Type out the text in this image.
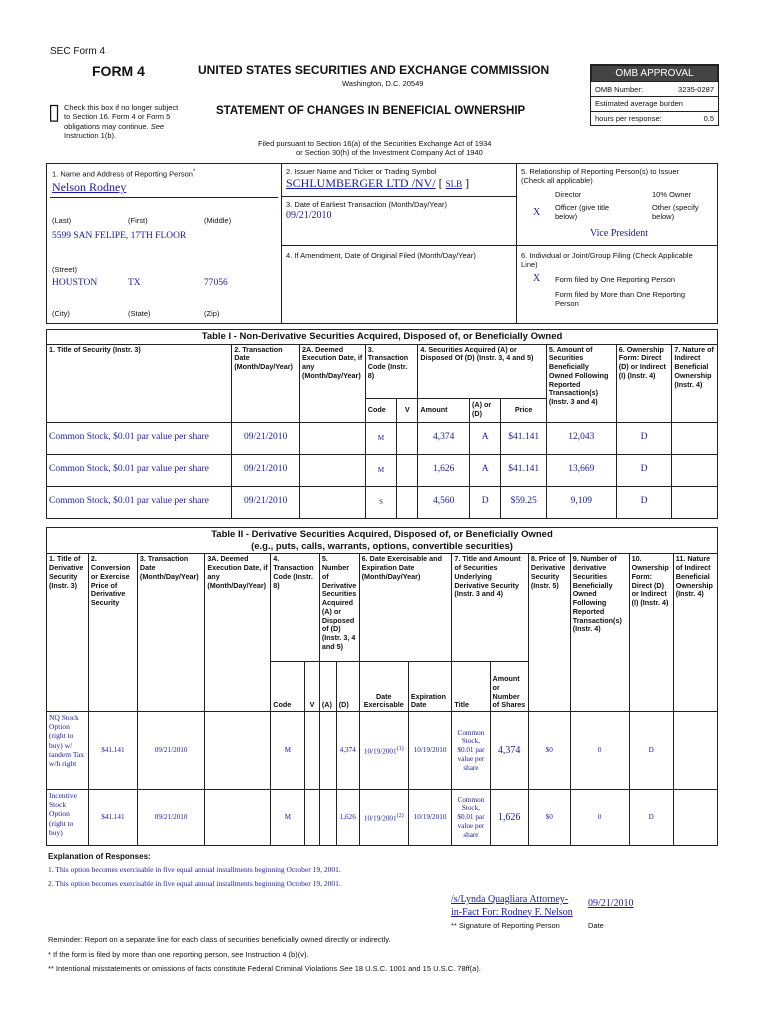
SEC Form 4
FORM 4	UNITED STATES SECURITIES AND EXCHANGE COMMISSION
Washington, D.C. 20549
▯ Check this box if no longer subject
to Section 16. Form 4 or Form 5
obligations may continue. See
Instruction 1(b).
STATEMENT OF CHANGES IN BENEFICIAL OWNERSHIP
Filed pursuant to Section 16(a) of the Securities Exchange Act of 1934
or Section 30(h) of the Investment Company Act of 1940
OMB APPROVAL
OMB Number:	3235-0287
Estimated average burden
hours per response:	0.5
1. Name and Address of Reporting Person*
Nelson Rodney
(Last)	(First)	(Middle)
5599 SAN FELIPE, 17TH FLOOR
(Street)
HOUSTON	TX	77056
(City)	(State)	(Zip)
2. Issuer Name and Ticker or Trading Symbol
SCHLUMBERGER LTD /NV/ [ SLB ]
3. Date of Earliest Transaction (Month/Day/Year)
09/21/2010
4. If Amendment, Date of Original Filed (Month/Day/Year)
5. Relationship of Reporting Person(s) to Issuer
(Check all applicable)
Director	10% Owner
X Officer (give title
below)
Other (specify
below)
Vice President
6. Individual or Joint/Group Filing (Check Applicable
Line)
X Form filed by One Reporting Person
Form filed by More than One Reporting
Person
Table I - Non-Derivative Securities Acquired, Disposed of, or Beneficially Owned										
1. Title of Security (Instr. 3)	2. Transaction Date (Month/Day/Year)	2A. Deemed Execution Date, if any (Month/Day/Year)	3. Transaction Code (Instr. 8)		4. Securities Acquired (A) or Disposed Of (D) (Instr. 3, 4 and 5)			5. Amount of Securities Beneficially Owned Following Reported Transaction(s) (Instr. 3 and 4)	6. Ownership Form: Direct (D) or Indirect (I) (Instr. 4)	7. Nature of Indirect Beneficial Ownership (Instr. 4)
			Code	V	Amount	(A) or (D)	Price			
Common Stock, $0.01 par value per share	09/21/2010		M		4,374	A	$41.141	12,043	D	
Common Stock, $0.01 par value per share	09/21/2010		M		1,626	A	$41.141	13,669	D	
Common Stock, $0.01 par value per share	09/21/2010		S		4,560	D	$59.25	9,109	D	
Table II - Derivative Securities Acquired, Disposed of, or Beneficially Owned
(e.g., puts, calls, warrants, options, convertible securities)															

1. Title of Derivative Security (Instr. 3)	2. Conversion or Exercise Price of Derivative Security	3. Transaction Date (Month/Day/Year)	3A. Deemed Execution Date, if any (Month/Day/Year)	4. Transaction Code (Instr. 8)		5. Number of Derivative Securities Acquired (A) or Disposed of (D) (Instr. 3, 4 and 5)		6. Date Exercisable and Expiration Date (Month/Day/Year)		7. Title and Amount of Securities Underlying Derivative Security (Instr. 3 and 4)		8. Price of Derivative Security (Instr. 5)	9. Number of derivative Securities Beneficially Owned Following Reported Transaction(s) (Instr. 4)	10. Ownership Form: Direct (D) or Indirect (I) (Instr. 4)	11. Nature of Indirect Beneficial Ownership (Instr. 4)
				Code	V	(A)	(D)	Date Exercisable	Expiration Date	Title	Amount or Number of Shares				
NQ Stock Option (right to buy) w/ tandem Tax w/h right	$41.141	09/21/2010		M			4,374	10/19/2001$^{(1)}$	10/19/2010	Common Stock, $0.01 par value per share	4,374	$0	0	D	
Incentive Stock Option (right to buy)	$41.141	09/21/2010		M			1,626	10/19/2001$^{(2)}$	10/19/2010	Common Stock, $0.01 par value per share	1,626	$0	0	D	
Explanation of Responses:
1. This option becomes exercisable in five equal annual installments beginning October 19, 2001.
2. This option becomes exercisable in five equal annual installments beginning October 19, 2001.
/s/Lynda Quagliara Attorney-
in-Fact For: Rodney F. Nelson
09/21/2010
** Signature of Reporting Person	Date
Reminder: Report on a separate line for each class of securities beneficially owned directly or indirectly.
* If the form is filed by more than one reporting person, see Instruction 4 (b)(v).
** Intentional misstatements or omissions of facts constitute Federal Criminal Violations See 18 U.S.C. 1001 and 15 U.S.C. 78ff(a).
